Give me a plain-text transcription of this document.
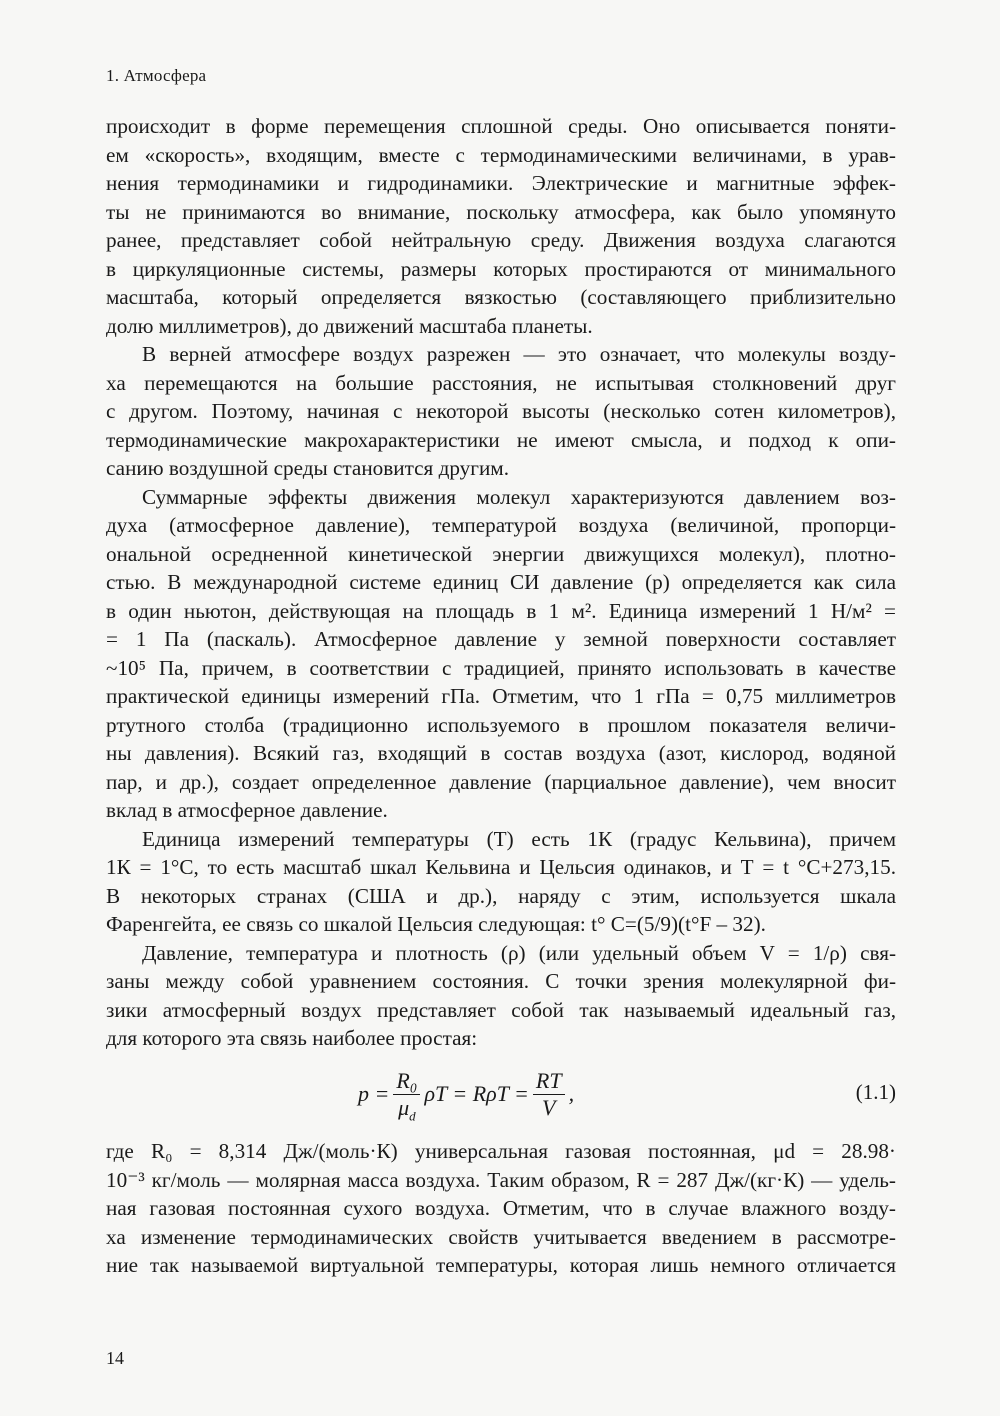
1. Атмосфера
происходит в форме перемещения сплошной среды. Оно описывается поняти-
ем «скорость», входящим, вместе с термодинамическими величинами, в урав-
нения термодинамики и гидродинамики. Электрические и магнитные эффек-
ты не принимаются во внимание, поскольку атмосфера, как было упомянуто
ранее, представляет собой нейтральную среду. Движения воздуха слагаются
в циркуляционные системы, размеры которых простираются от минимального
масштаба, который определяется вязкостью (составляющего приблизительно
долю миллиметров), до движений масштаба планеты.
В верней атмосфере воздух разрежен — это означает, что молекулы возду-
ха перемещаются на большие расстояния, не испытывая столкновений друг
с другом. Поэтому, начиная с некоторой высоты (несколько сотен километров),
термодинамические макрохарактеристики не имеют смысла, и подход к опи-
санию воздушной среды становится другим.
Суммарные эффекты движения молекул характеризуются давлением воз-
духа (атмосферное давление), температурой воздуха (величиной, пропорци-
ональной осредненной кинетической энергии движущихся молекул), плотно-
стью. В международной системе единиц СИ давление (р) определяется как сила
в один ньютон, действующая на площадь в 1 м². Единица измерений 1 Н/м² =
= 1 Па (паскаль). Атмосферное давление у земной поверхности составляет
~10⁵ Па, причем, в соответствии с традицией, принято использовать в качестве
практической единицы измерений гПа. Отметим, что 1 гПа = 0,75 миллиметров
ртутного столба (традиционно используемого в прошлом показателя величи-
ны давления). Всякий газ, входящий в состав воздуха (азот, кислород, водяной
пар, и др.), создает определенное давление (парциальное давление), чем вносит
вклад в атмосферное давление.
Единица измерений температуры (Т) есть 1К (градус Кельвина), причем
1К = 1°С, то есть масштаб шкал Кельвина и Цельсия одинаков, и Т = t °С+273,15.
В некоторых странах (США и др.), наряду с этим, используется шкала
Фаренгейта, ее связь со шкалой Цельсия следующая: t° C=(5/9)(t°F – 32).
Давление, температура и плотность (ρ) (или удельный объем V = 1/ρ) свя-
заны между собой уравнением состояния. С точки зрения молекулярной фи-
зики атмосферный воздух представляет собой так называемый идеальный газ,
для которого эта связь наиболее простая:
$p = \frac{\text{R₀}}{\mu_d}$ $\rho T = R\rho T = \frac{RT}{V}$ ,	(1.1)
где R₀ = 8,314 Дж/(моль·К) универсальная газовая постоянная, μd = 28.98·
10⁻³ кг/моль — молярная масса воздуха. Таким образом, R = 287 Дж/(кг·К) — удель-
ная газовая постоянная сухого воздуха. Отметим, что в случае влажного возду-
ха изменение термодинамических свойств учитывается введением в рассмотре-
ние так называемой виртуальной температуры, которая лишь немного отличается
14
